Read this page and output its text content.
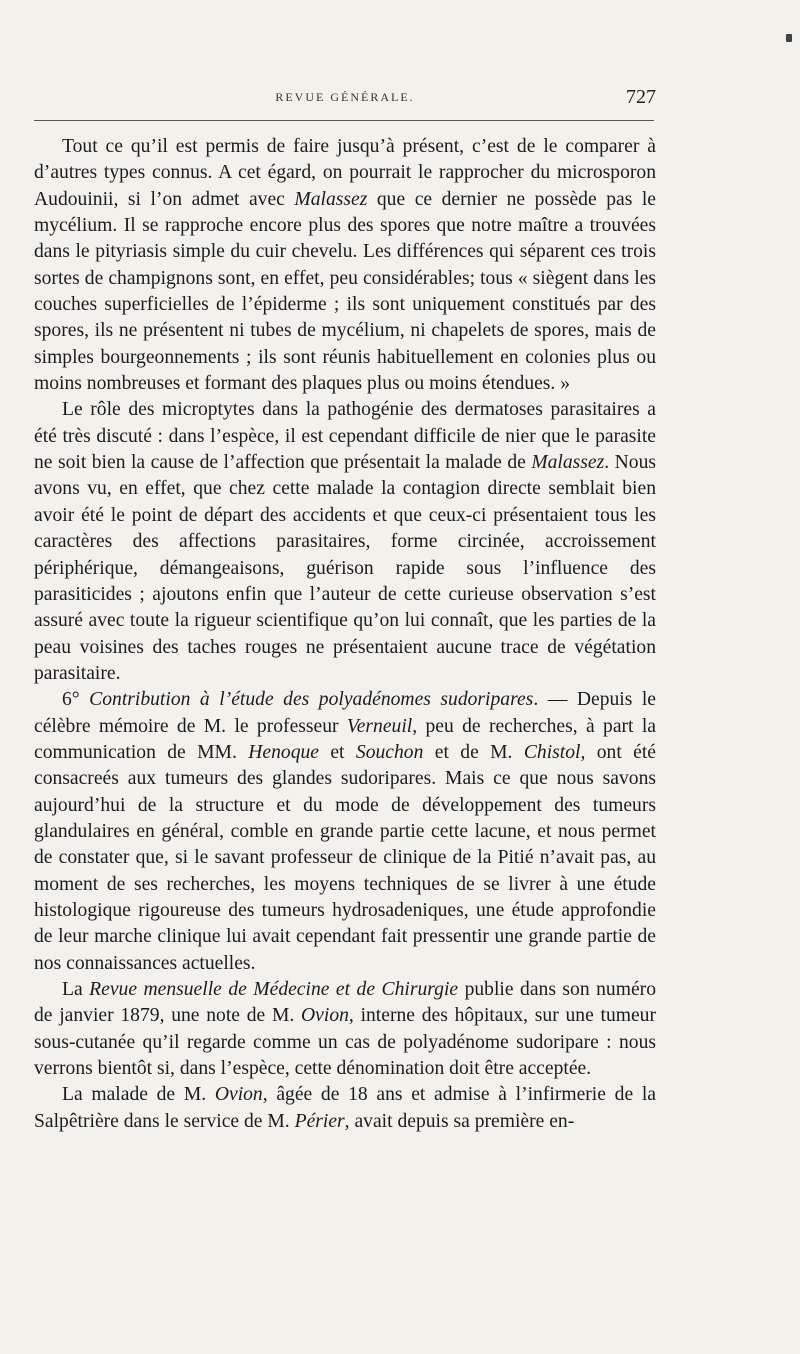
REVUE GÉNÉRALE.	727

Tout ce qu’il est permis de faire jusqu’à présent, c’est de le comparer à d’autres types connus. A cet égard, on pourrait le rapprocher du microsporon Audouinii, si l’on admet avec Malassez que ce dernier ne possède pas le mycélium. Il se rapproche encore plus des spores que notre maître a trouvées dans le pityriasis simple du cuir chevelu. Les différences qui séparent ces trois sortes de champignons sont, en effet, peu considérables; tous « siègent dans les couches superficielles de l’épiderme ; ils sont uniquement constitués par des spores, ils ne présentent ni tubes de mycélium, ni chapelets de spores, mais de simples bourgeonnements ; ils sont réunis habituellement en colonies plus ou moins nombreuses et formant des plaques plus ou moins étendues. »

Le rôle des microptytes dans la pathogénie des dermatoses parasitaires a été très discuté : dans l’espèce, il est cependant difficile de nier que le parasite ne soit bien la cause de l’affection que présentait la malade de Malassez. Nous avons vu, en effet, que chez cette malade la contagion directe semblait bien avoir été le point de départ des accidents et que ceux-ci présentaient tous les caractères des affections parasitaires, forme circinée, accroissement périphérique, démangeaisons, guérison rapide sous l’influence des parasiticides ; ajoutons enfin que l’auteur de cette curieuse observation s’est assuré avec toute la rigueur scientifique qu’on lui connaît, que les parties de la peau voisines des taches rouges ne présentaient aucune trace de végétation parasitaire.

6° Contribution à l’étude des polyadénomes sudoripares. — Depuis le célèbre mémoire de M. le professeur Verneuil, peu de recherches, à part la communication de MM. Henoque et Souchon et de M. Chistol, ont été consacreés aux tumeurs des glandes sudoripares. Mais ce que nous savons aujourd’hui de la structure et du mode de développement des tumeurs glandulaires en général, comble en grande partie cette lacune, et nous permet de constater que, si le savant professeur de clinique de la Pitié n’avait pas, au moment de ses recherches, les moyens techniques de se livrer à une étude histologique rigoureuse des tumeurs hydrosadeniques, une étude approfondie de leur marche clinique lui avait cependant fait pressentir une grande partie de nos connaissances actuelles.

La Revue mensuelle de Médecine et de Chirurgie publie dans son numéro de janvier 1879, une note de M. Ovion, interne des hôpitaux, sur une tumeur sous-cutanée qu’il regarde comme un cas de polyadénome sudoripare : nous verrons bientôt si, dans l’espèce, cette dénomination doit être acceptée.

La malade de M. Ovion, âgée de 18 ans et admise à l’infirmerie de la Salpêtrière dans le service de M. Périer, avait depuis sa première en-
